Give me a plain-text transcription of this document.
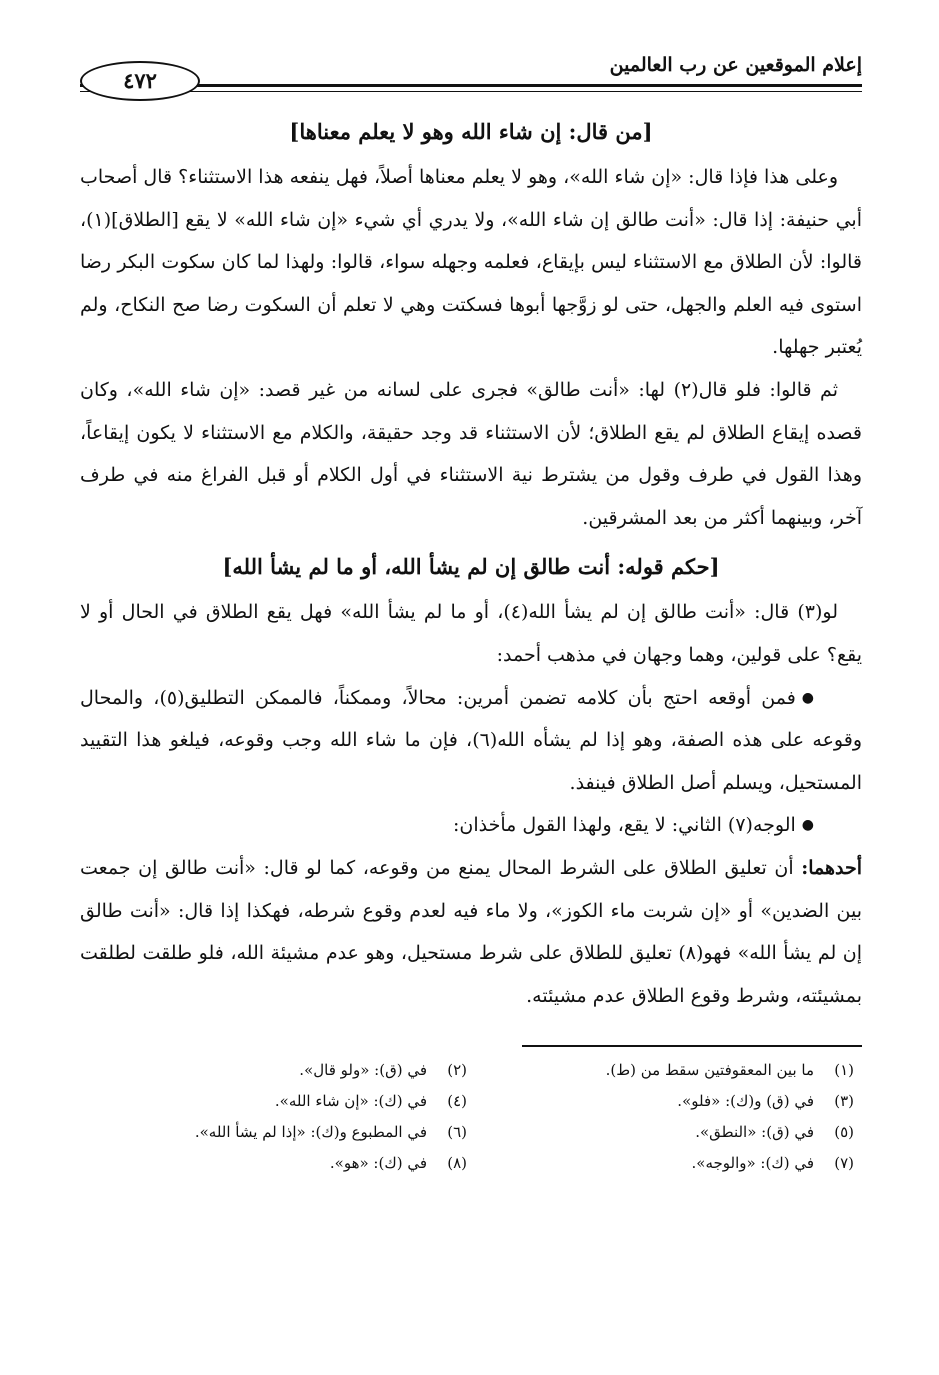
إعلام الموقعين عن رب العالمين
٤٧٢
[من قال: إن شاء الله وهو لا يعلم معناها]

وعلى هذا فإذا قال: «إن شاء الله»، وهو لا يعلم معناها أصلاً، فهل ينفعه هذا الاستثناء؟ قال أصحاب أبي حنيفة: إذا قال: «أنت طالق إن شاء الله»، ولا يدري أي شيء «إن شاء الله» لا يقع [الطلاق](١)، قالوا: لأن الطلاق مع الاستثناء ليس بإيقاع، فعلمه وجهله سواء، قالوا: ولهذا لما كان سكوت البكر رضا استوى فيه العلم والجهل، حتى لو زوَّجها أبوها فسكتت وهي لا تعلم أن السكوت رضا صح النكاح، ولم يُعتبر جهلها.

ثم قالوا: فلو قال(٢) لها: «أنت طالق» فجرى على لسانه من غير قصد: «إن شاء الله»، وكان قصده إيقاع الطلاق لم يقع الطلاق؛ لأن الاستثناء قد وجد حقيقة، والكلام مع الاستثناء لا يكون إيقاعاً، وهذا القول في طرف وقول من يشترط نية الاستثناء في أول الكلام أو قبل الفراغ منه في طرف آخر، وبينهما أكثر من بعد المشرقين.

[حكم قوله: أنت طالق إن لم يشأ الله، أو ما لم يشأ الله]

لو(٣) قال: «أنت طالق إن لم يشأ الله(٤)، أو ما لم يشأ الله» فهل يقع الطلاق في الحال أو لا يقع؟ على قولين، وهما وجهان في مذهب أحمد:

●فمن أوقعه احتج بأن كلامه تضمن أمرين: محالاً، وممكناً، فالممكن التطليق(٥)، والمحال وقوعه على هذه الصفة، وهو إذا لم يشأه الله(٦)، فإن ما شاء الله وجب وقوعه، فيلغو هذا التقييد المستحيل، ويسلم أصل الطلاق فينفذ.

●الوجه(٧) الثاني: لا يقع، ولهذا القول مأخذان:

أحدهما: أن تعليق الطلاق على الشرط المحال يمنع من وقوعه، كما لو قال: «أنت طالق إن جمعت بين الضدين» أو «إن شربت ماء الكوز»، ولا ماء فيه لعدم وقوع شرطه، فهكذا إذا قال: «أنت طالق إن لم يشأ الله» فهو(٨) تعليق للطلاق على شرط مستحيل، وهو عدم مشيئة الله، فلو طلقت لطلقت بمشيئته، وشرط وقوع الطلاق عدم مشيئته.

(١)ما بين المعقوفتين سقط من (ط).
(٢)في (ق): «ولو قال».
(٣)في (ق) و(ك): «فلو».
(٤)في (ك): «إن شاء الله».
(٥)في (ق): «النطق».
(٦)في المطبوع و(ك): «إذا لم يشأ الله».
(٧)في (ك): «والوجه».
(٨)في (ك): «هو».
